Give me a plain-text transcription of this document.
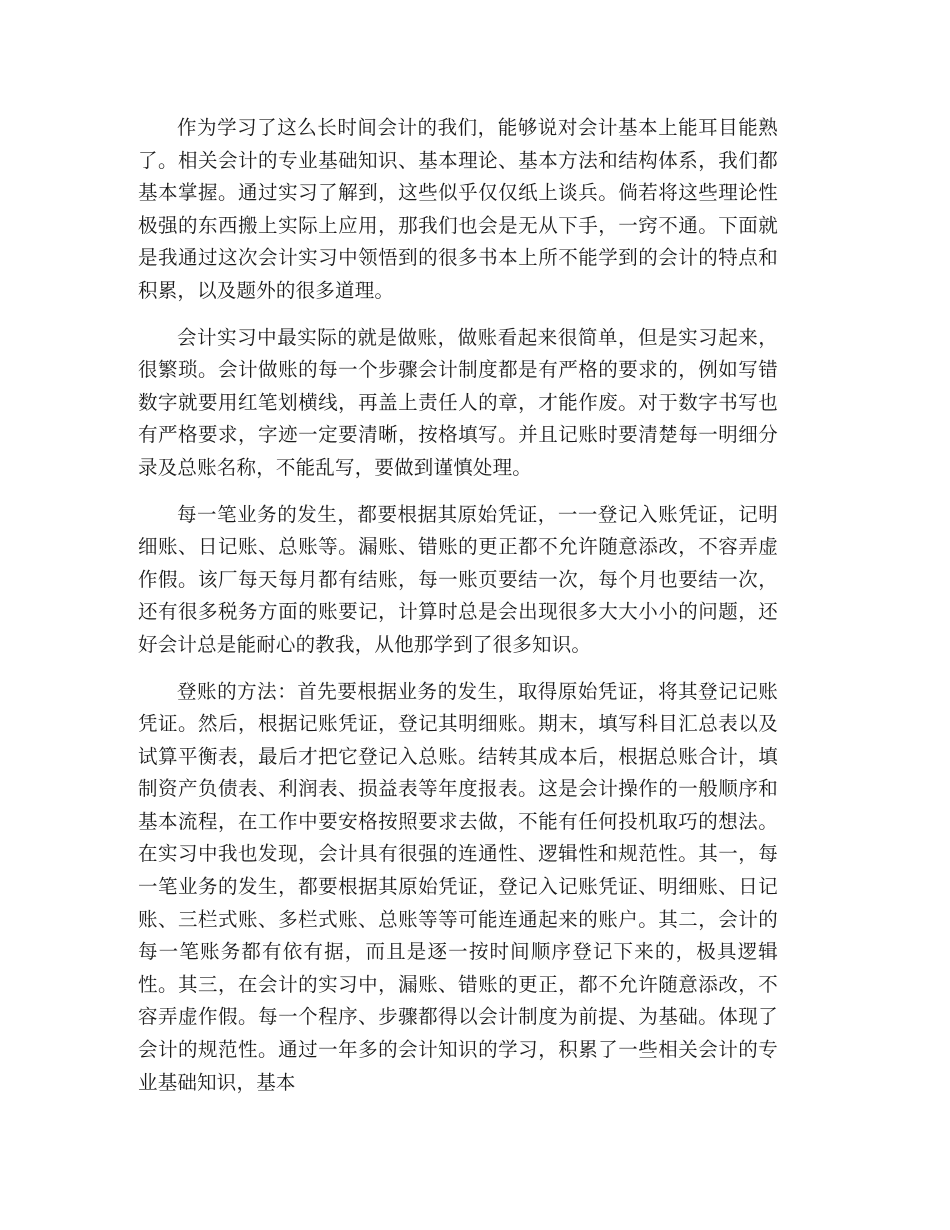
作为学习了这么长时间会计的我们，能够说对会计基本上能耳目能熟了。相关会计的专业基础知识、基本理论、基本方法和结构体系，我们都基本掌握。通过实习了解到，这些似乎仅仅纸上谈兵。倘若将这些理论性极强的东西搬上实际上应用，那我们也会是无从下手，一窍不通。下面就是我通过这次会计实习中领悟到的很多书本上所不能学到的会计的特点和积累，以及题外的很多道理。

会计实习中最实际的就是做账，做账看起来很简单，但是实习起来，很繁琐。会计做账的每一个步骤会计制度都是有严格的要求的，例如写错数字就要用红笔划横线，再盖上责任人的章，才能作废。对于数字书写也有严格要求，字迹一定要清晰，按格填写。并且记账时要清楚每一明细分录及总账名称，不能乱写，要做到谨慎处理。

每一笔业务的发生，都要根据其原始凭证，一一登记入账凭证，记明细账、日记账、总账等。漏账、错账的更正都不允许随意添改，不容弄虚作假。该厂每天每月都有结账，每一账页要结一次，每个月也要结一次，还有很多税务方面的账要记，计算时总是会出现很多大大小小的问题，还好会计总是能耐心的教我，从他那学到了很多知识。

登账的方法：首先要根据业务的发生，取得原始凭证，将其登记记账凭证。然后，根据记账凭证，登记其明细账。期末，填写科目汇总表以及试算平衡表，最后才把它登记入总账。结转其成本后，根据总账合计，填制资产负债表、利润表、损益表等年度报表。这是会计操作的一般顺序和基本流程，在工作中要安格按照要求去做，不能有任何投机取巧的想法。在实习中我也发现，会计具有很强的连通性、逻辑性和规范性。其一，每一笔业务的发生，都要根据其原始凭证，登记入记账凭证、明细账、日记账、三栏式账、多栏式账、总账等等可能连通起来的账户。其二，会计的每一笔账务都有依有据，而且是逐一按时间顺序登记下来的，极具逻辑性。其三，在会计的实习中，漏账、错账的更正，都不允许随意添改，不容弄虚作假。每一个程序、步骤都得以会计制度为前提、为基础。体现了会计的规范性。通过一年多的会计知识的学习，积累了一些相关会计的专业基础知识，基本
